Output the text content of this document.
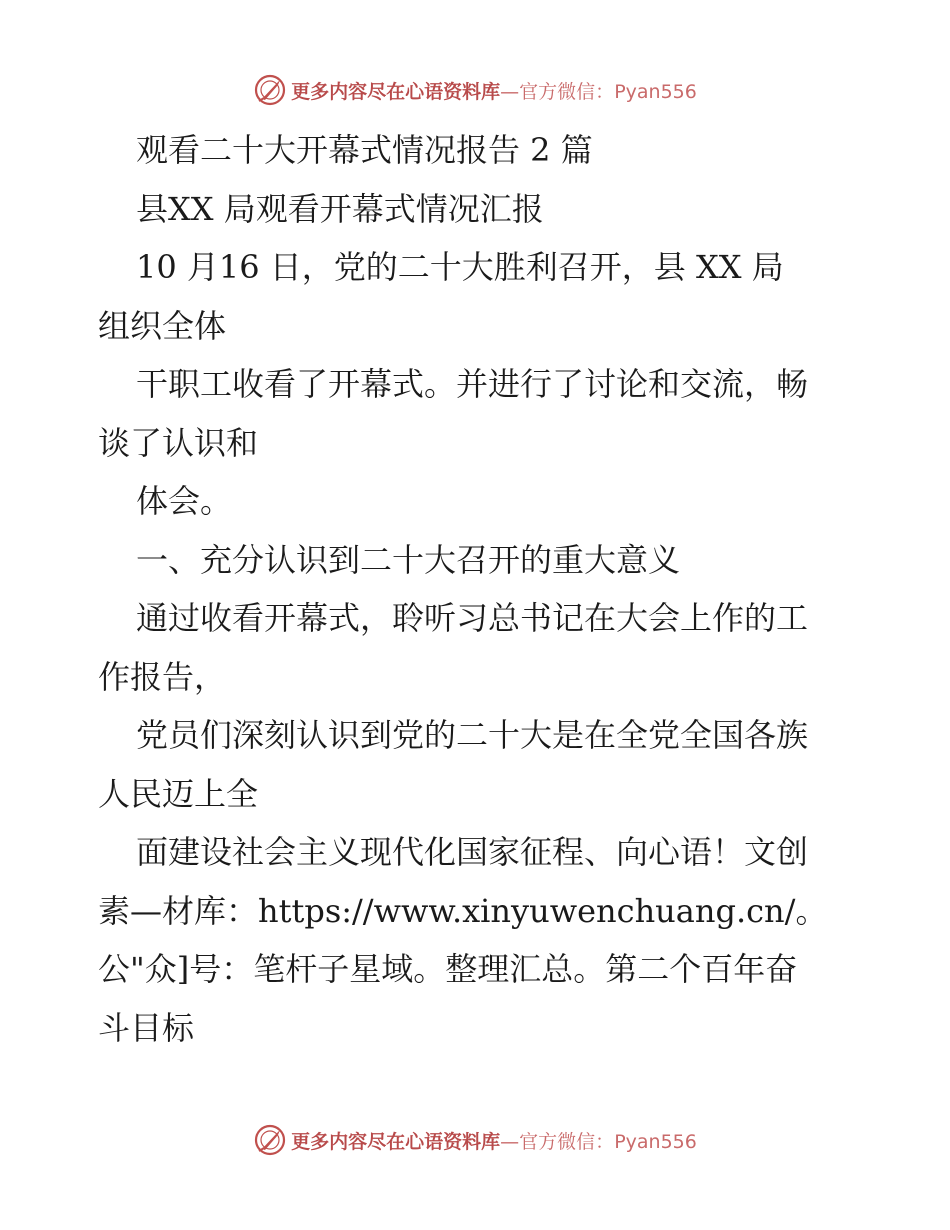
更多内容尽在心语资料库—官方微信：Pyan556
观看二十大开幕式情况报告 2 篇
县XX 局观看开幕式情况汇报
10 月16 日，党的二十大胜利召开，县 XX 局
组织全体
干职工收看了开幕式。并进行了讨论和交流，畅
谈了认识和
体会。
一、充分认识到二十大召开的重大意义
通过收看开幕式，聆听习总书记在大会上作的工
作报告，
党员们深刻认识到党的二十大是在全党全国各族
人民迈上全
面建设社会主义现代化国家征程、向心语！文创
素—材库：https://www.xinyuwenchuang.cn/。
公"众]号：笔杆子星域。整理汇总。第二个百年奋
斗目标
更多内容尽在心语资料库—官方微信：Pyan556
